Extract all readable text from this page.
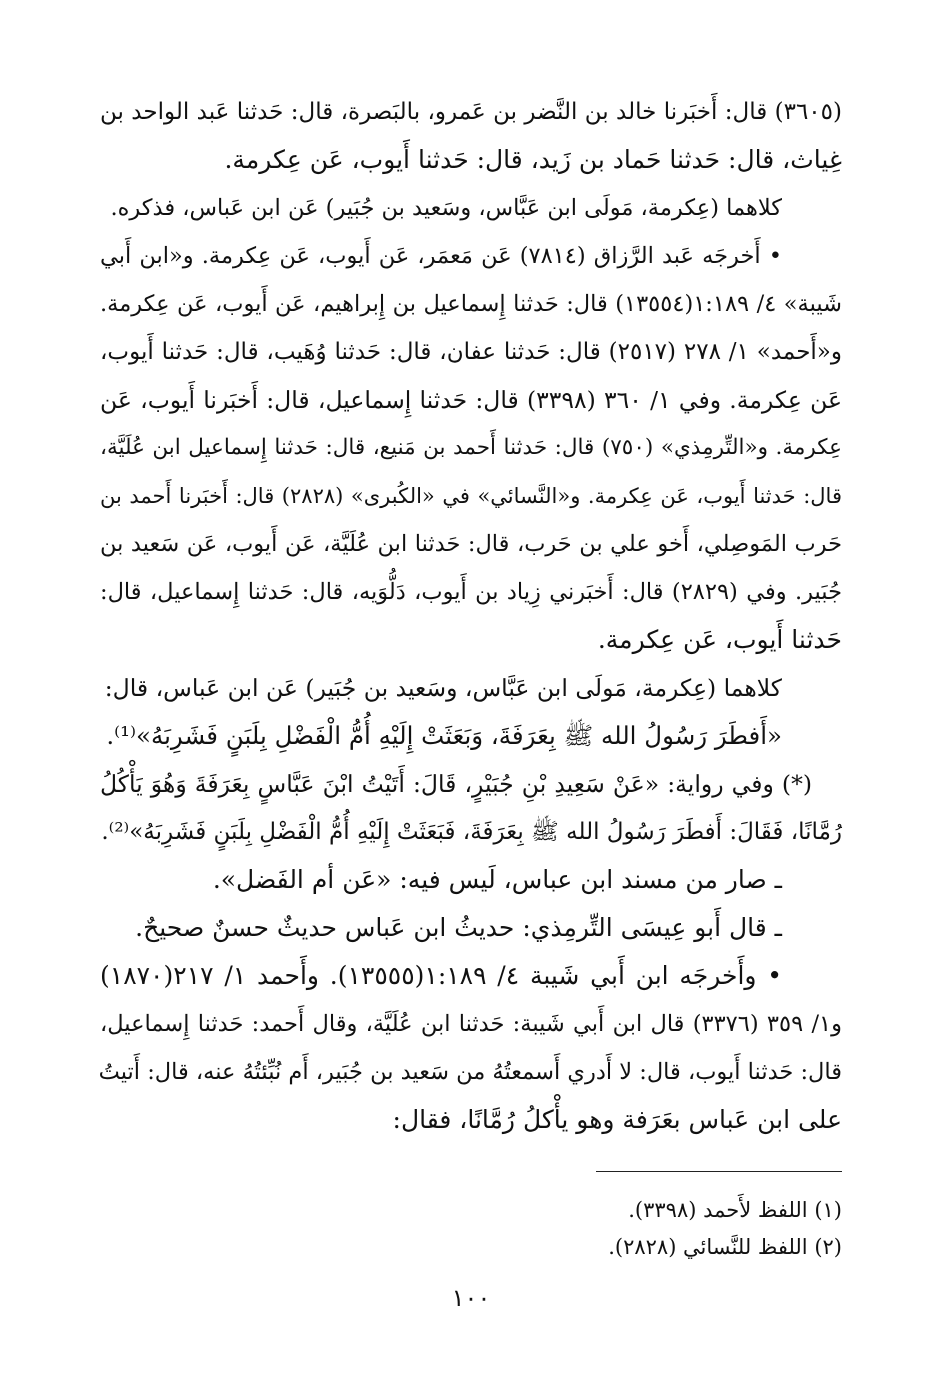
(٣٦٠٥) قال: أَخبَرنا خالد بن النَّضر بن عَمرو، بالبَصرة، قال: حَدثنا عَبد الواحد بن
غِياث، قال: حَدثنا حَماد بن زَيد، قال: حَدثنا أَيوب، عَن عِكرمة.
كلاهما (عِكرمة، مَولَى ابن عَبَّاس، وسَعيد بن جُبَير) عَن ابن عَباس، فذكره.
• أَخرجَه عَبد الرَّزاق (٧٨١٤) عَن مَعمَر، عَن أَيوب، عَن عِكرمة. و«ابن أَبي
شَيبة» ٤/ ١:١٨٩(١٣٥٥٤) قال: حَدثنا إِسماعيل بن إِبراهيم، عَن أَيوب، عَن عِكرمة.
و«أَحمد» ١/ ٢٧٨ (٢٥١٧) قال: حَدثنا عفان، قال: حَدثنا وُهَيب، قال: حَدثنا أَيوب،
عَن عِكرمة. وفي ١/ ٣٦٠ (٣٣٩٨) قال: حَدثنا إِسماعيل، قال: أَخبَرنا أَيوب، عَن
عِكرمة. و«التِّرمِذي» (٧٥٠) قال: حَدثنا أَحمد بن مَنيع، قال: حَدثنا إِسماعيل ابن عُلَيَّة،
قال: حَدثنا أَيوب، عَن عِكرمة. و«النَّسائي» في «الكُبرى» (٢٨٢٨) قال: أَخبَرنا أَحمد بن
حَرب المَوصِلي، أَخو علي بن حَرب، قال: حَدثنا ابن عُلَيَّة، عَن أَيوب، عَن سَعيد بن
جُبَير. وفي (٢٨٢٩) قال: أَخبَرني زِياد بن أَيوب، دَلُّوَيه، قال: حَدثنا إِسماعيل، قال:
حَدثنا أَيوب، عَن عِكرمة.
كلاهما (عِكرمة، مَولَى ابن عَبَّاس، وسَعيد بن جُبَير) عَن ابن عَباس، قال:
«أَفطَرَ رَسُولُ الله ﷺ بِعَرَفَةَ، وَبَعَثَتْ إِلَيْهِ أُمُّ الْفَضْلِ بِلَبَنٍ فَشَرِبَهُ»⁽¹⁾.
(*) وفي رواية: «عَنْ سَعِيدِ بْنِ جُبَيْرٍ، قَالَ: أَتَيْتُ ابْنَ عَبَّاسٍ بِعَرَفَةَ وَهُوَ يَأْكُلُ
رُمَّانًا، فَقَالَ: أَفطَرَ رَسُولُ الله ﷺ بِعَرَفَةَ، فَبَعَثَتْ إِلَيْهِ أُمُّ الْفَضْلِ بِلَبَنٍ فَشَرِبَهُ»⁽²⁾.
ـ صار من مسند ابن عباس، لَيس فيه: «عَن أم الفَضل».
ـ قال أَبو عِيسَى التِّرمِذي: حديثُ ابن عَباس حديثٌ حسنٌ صحيحٌ.
• وأَخرجَه ابن أَبي شَيبة ٤/ ١:١٨٩(١٣٥٥٥). وأَحمد ١/ ٢١٧(١٨٧٠)
و١/ ٣٥٩ (٣٣٧٦) قال ابن أَبي شَيبة: حَدثنا ابن عُلَيَّة، وقال أَحمد: حَدثنا إِسماعيل،
قال: حَدثنا أَيوب، قال: لا أَدري أَسمعتُهُ من سَعيد بن جُبَير، أَم نُبِّئتُهُ عنه، قال: أَتيتُ
على ابن عَباس بعَرَفة وهو يأْكلُ رُمَّانًا، فقال:
(١) اللفظ لأَحمد (٣٣٩٨).
(٢) اللفظ للنَّسائي (٢٨٢٨).
١٠٠
